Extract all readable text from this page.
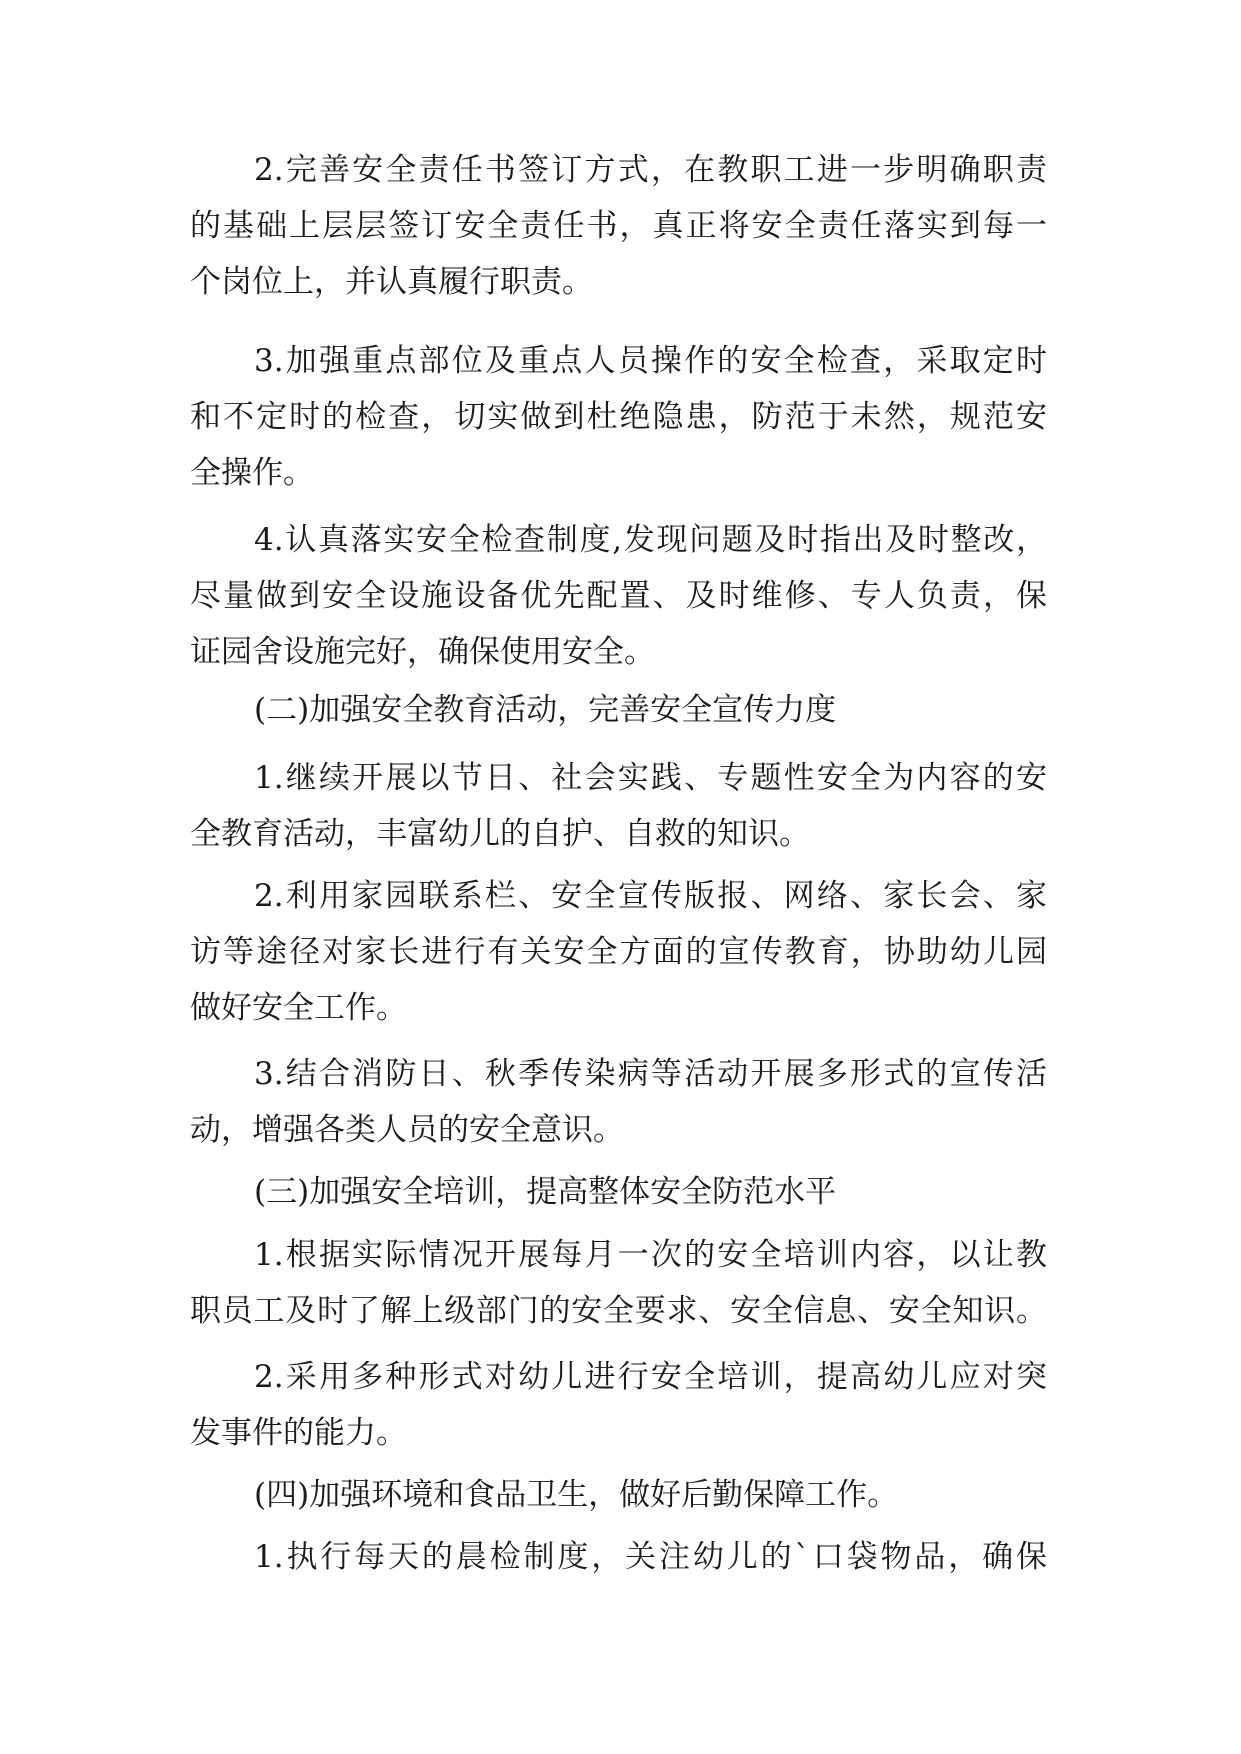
2.完善安全责任书签订方式，在教职工进一步明确职责
的基础上层层签订安全责任书，真正将安全责任落实到每一
个岗位上，并认真履行职责。
3.加强重点部位及重点人员操作的安全检查，采取定时
和不定时的检查，切实做到杜绝隐患，防范于未然，规范安
全操作。
4.认真落实安全检查制度,发现问题及时指出及时整改，
尽量做到安全设施设备优先配置、及时维修、专人负责，保
证园舍设施完好，确保使用安全。
(二)加强安全教育活动，完善安全宣传力度
1.继续开展以节日、社会实践、专题性安全为内容的安
全教育活动，丰富幼儿的自护、自救的知识。
2.利用家园联系栏、安全宣传版报、网络、家长会、家
访等途径对家长进行有关安全方面的宣传教育，协助幼儿园
做好安全工作。
3.结合消防日、秋季传染病等活动开展多形式的宣传活
动，增强各类人员的安全意识。
(三)加强安全培训，提高整体安全防范水平
1.根据实际情况开展每月一次的安全培训内容，以让教
职员工及时了解上级部门的安全要求、安全信息、安全知识。
2.采用多种形式对幼儿进行安全培训，提高幼儿应对突
发事件的能力。
(四)加强环境和食品卫生，做好后勤保障工作。
1.执行每天的晨检制度，关注幼儿的`口袋物品，确保
